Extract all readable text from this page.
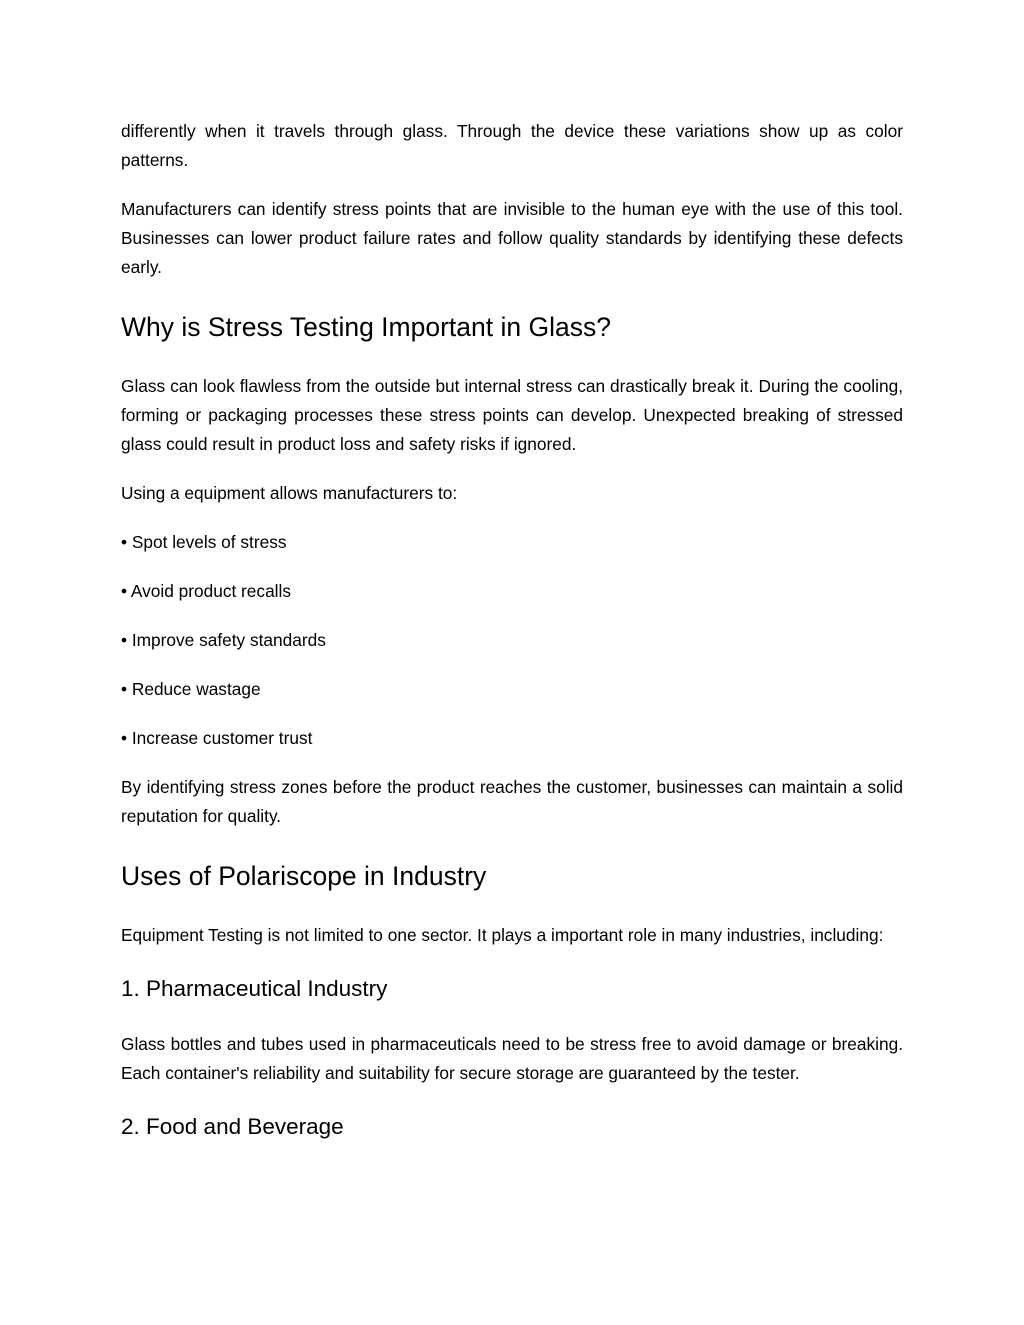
differently when it travels through glass. Through the device these variations show up as color patterns.

Manufacturers can identify stress points that are invisible to the human eye with the use of this tool. Businesses can lower product failure rates and follow quality standards by identifying these defects early.

Why is Stress Testing Important in Glass?

Glass can look flawless from the outside but internal stress can drastically break it. During the cooling, forming or packaging processes these stress points can develop. Unexpected breaking of stressed glass could result in product loss and safety risks if ignored.

Using a equipment allows manufacturers to:

• Spot levels of stress

• Avoid product recalls

• Improve safety standards

• Reduce wastage

• Increase customer trust

By identifying stress zones before the product reaches the customer, businesses can maintain a solid reputation for quality.

Uses of Polariscope in Industry

Equipment Testing is not limited to one sector. It plays a important role in many industries, including:

1. Pharmaceutical Industry

Glass bottles and tubes used in pharmaceuticals need to be stress free to avoid damage or breaking. Each container's reliability and suitability for secure storage are guaranteed by the tester.

2. Food and Beverage
